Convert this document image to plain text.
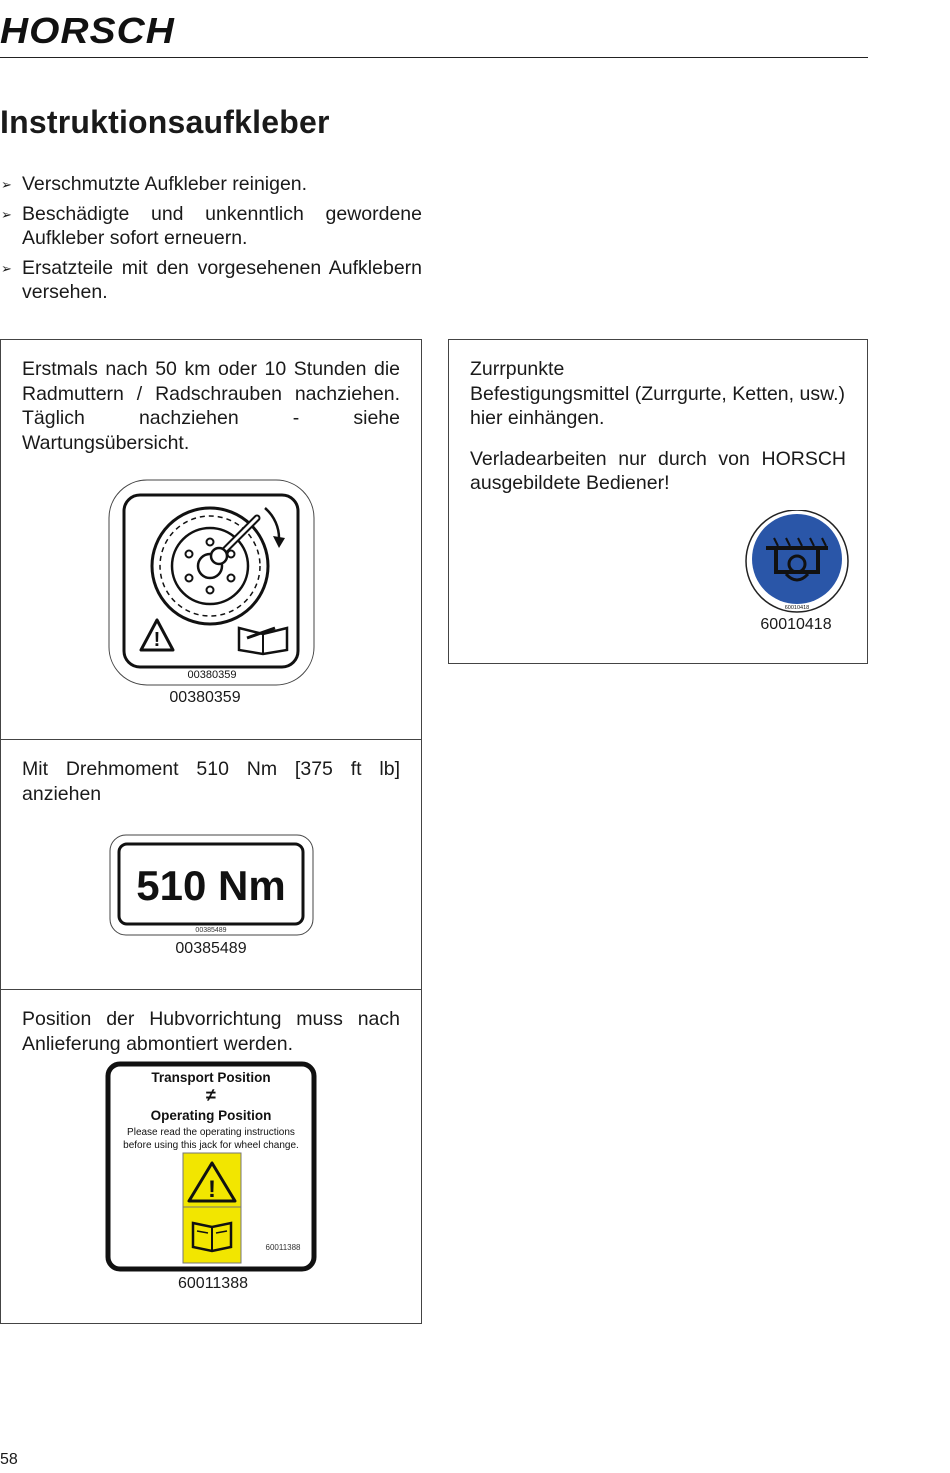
HORSCH
Instruktionsaufkleber
➢ Verschmutzte Aufkleber reinigen.
➢ Beschädigte und unkenntlich gewordene Aufkleber sofort erneuern.
➢ Ersatzteile mit den vorgesehenen Aufklebern versehen.

Erstmals nach 50 km oder 10 Stunden die Radmuttern / Radschrauben nachziehen. Täglich nachziehen - siehe Wartungsübersicht.

!
00380359
00380359

Mit Drehmoment 510 Nm [375 ft lb] anziehen

510 Nm
00385489
00385489

Position der Hubvorrichtung muss nach Anlieferung abmontiert werden.

Transport Position
≠
Operating Position
Please read the operating instructions
before using this jack for wheel change.
!
60011388
60011388

Zurrpunkte

Befestigungsmittel (Zurrgurte, Ketten, usw.) hier einhängen.

Verladearbeiten nur durch von HORSCH ausgebildete Bediener!

60010418
60010418
58
